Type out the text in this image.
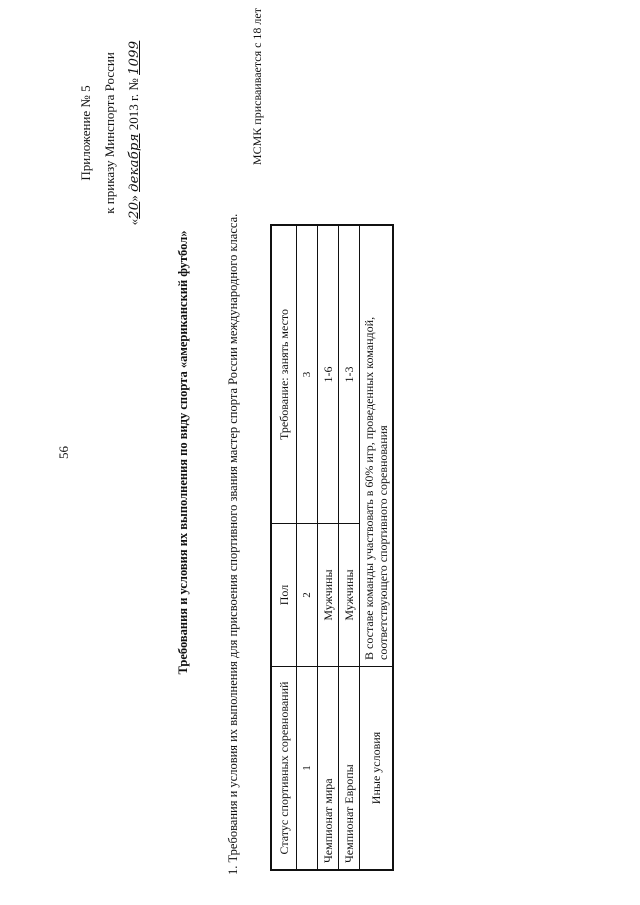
56
Приложение № 5 к приказу Минспорта России
«20» декабря 2013 г. № 1099
Требования и условия их выполнения по виду спорта «американский футбол»	1. Требования и условия их выполнения для присвоения спортивного звания мастер спорта России международного класса.
МСМК присваивается с 18 лет
Статус спортивных соревнований	Пол	Требование: занять место
1	2	3
Чемпионат мира	Мужчины	1-6
Чемпионат Европы	Мужчины	1-3
Иные условия	В составе команды участвовать в 60% игр, проведенных командой, соответствующего спортивного соревнования	
